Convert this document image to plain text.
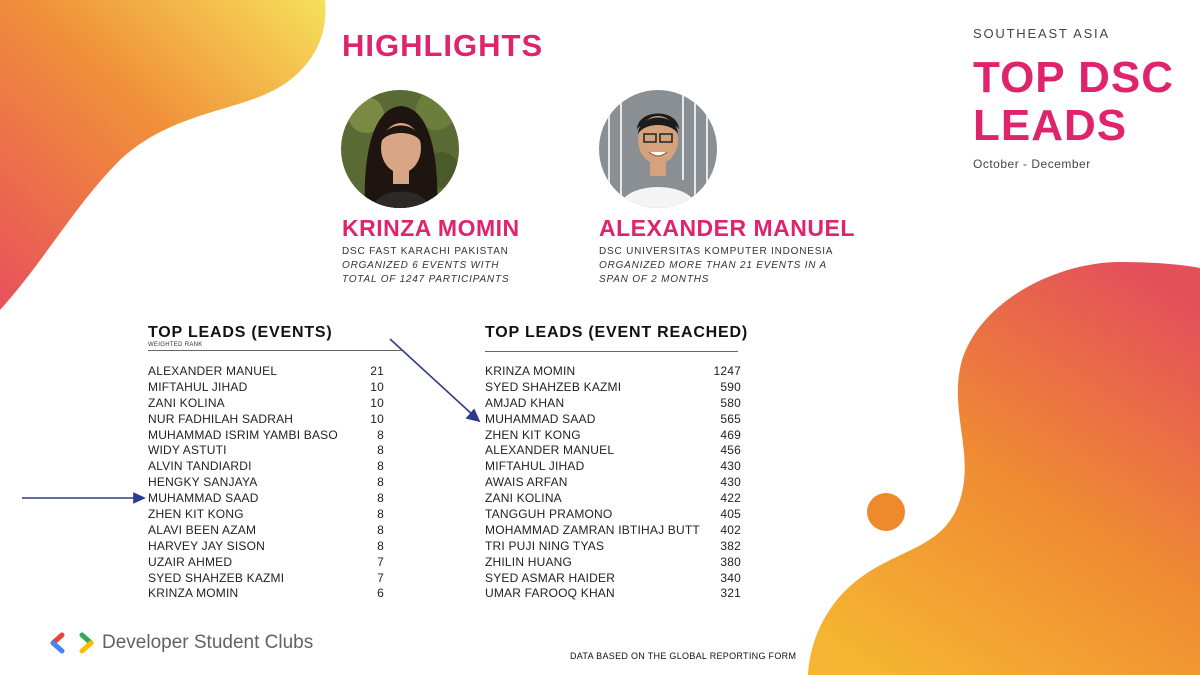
HIGHLIGHTS	SOUTHEAST ASIA
TOP DSC LEADS
October - December
KRINZA MOMIN
DSC FAST KARACHI PAKISTAN
ORGANIZED 6 EVENTS WITH TOTAL OF 1247 PARTICIPANTS
ALEXANDER MANUEL
DSC UNIVERSITAS KOMPUTER INDONESIA
ORGANIZED MORE THAN 21 EVENTS IN A SPAN OF 2 MONTHS
TOP LEADS (EVENTS)
WEIGHTED RANK
ALEXANDER MANUEL	21
MIFTAHUL JIHAD	10
ZANI KOLINA	10
NUR FADHILAH SADRAH	10
MUHAMMAD ISRIM YAMBI BASO	8
WIDY ASTUTI	8
ALVIN TANDIARDI	8
HENGKY SANJAYA	8
MUHAMMAD SAAD	8
ZHEN KIT KONG	8
ALAVI BEEN AZAM	8
HARVEY JAY SISON	8
UZAIR AHMED	7
SYED SHAHZEB KAZMI	7
KRINZA MOMIN	6
TOP LEADS (EVENT REACHED)
KRINZA MOMIN	1247
SYED SHAHZEB KAZMI	590
AMJAD KHAN	580
MUHAMMAD SAAD	565
ZHEN KIT KONG	469
ALEXANDER MANUEL	456
MIFTAHUL JIHAD	430
AWAIS ARFAN	430
ZANI KOLINA	422
TANGGUH PRAMONO	405
MOHAMMAD ZAMRAN IBTIHAJ BUTT 402
TRI PUJI NING TYAS	382
ZHILIN HUANG	380
SYED ASMAR HAIDER	340
UMAR FAROOQ KHAN	321
Developer Student Clubs
DATA BASED ON THE GLOBAL REPORTING FORM
